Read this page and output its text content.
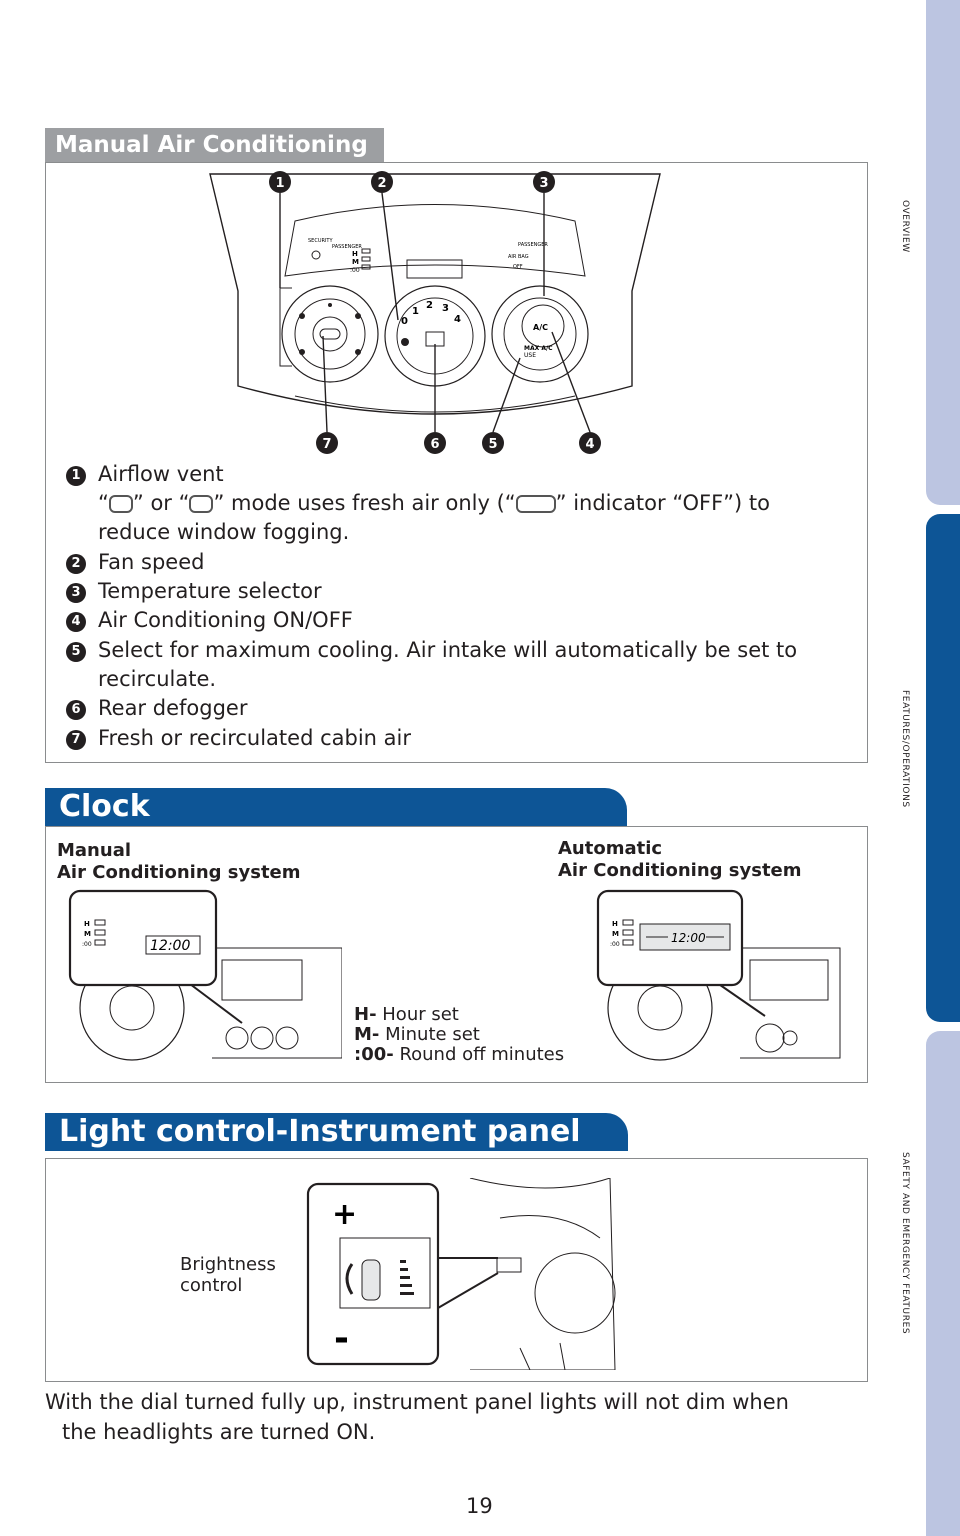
OVERVIEW
FEATURES/OPERATIONS
SAFETY AND EMERGENCY FEATURES
Manual Air Conditioning
SECURITY
PASSENGER
H
M
:00
PASSENGER
AIR BAG
OFF
0
1
2 3
4
A/C
MAX A/C
USE
1	2	3
4
5
6
7
1 Airflow vent
“ ” or “ ” mode uses fresh air only (“ ” indicator “OFF”) to
reduce window fogging.
2 Fan speed
3 Temperature selector
4 Air Conditioning ON/OFF
5 Select for maximum cooling. Air intake will automatically be set to
recirculate.
6 Rear defogger
7 Fresh or recirculated cabin air
Clock
Manual
Air Conditioning system
Automatic
Air Conditioning system
H
M
:00	12:00
H- Hour set
M- Minute set
:00- Round off minutes
H
M
:00	12:00
Light control-Instrument panel
Brightness
control
+
-
With the dial turned fully up, instrument panel lights will not dim when
the headlights are turned ON.
19
